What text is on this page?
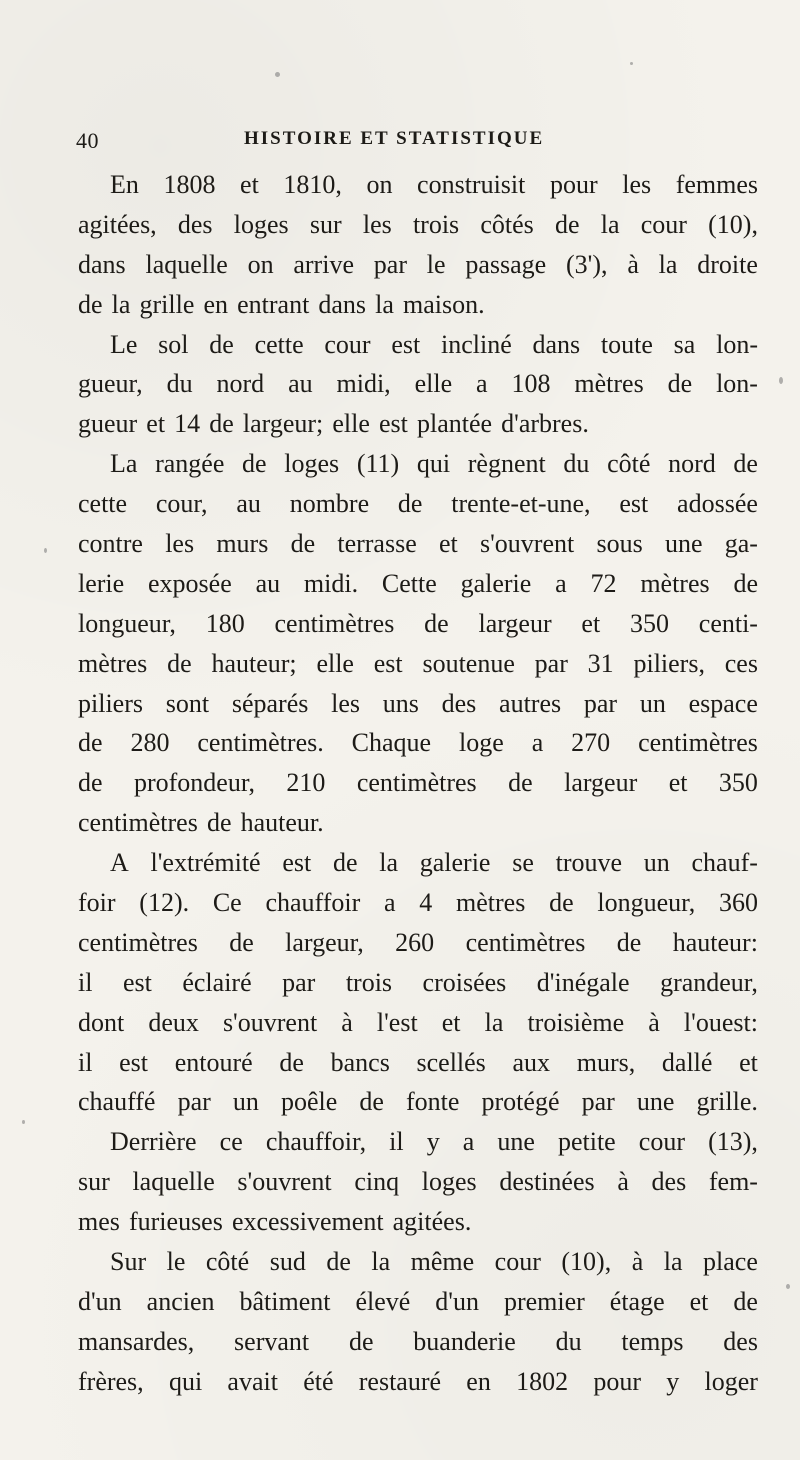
40	HISTOIRE ET STATISTIQUE
En 1808 et 1810, on construisit pour les femmes
agitées, des loges sur les trois côtés de la cour (10),
dans laquelle on arrive par le passage (3'), à la droite
de la grille en entrant dans la maison.
Le sol de cette cour est incliné dans toute sa lon-
gueur, du nord au midi, elle a 108 mètres de lon-
gueur et 14 de largeur; elle est plantée d'arbres.
La rangée de loges (11) qui règnent du côté nord de
cette cour, au nombre de trente-et-une, est adossée
contre les murs de terrasse et s'ouvrent sous une ga-
lerie exposée au midi. Cette galerie a 72 mètres de
longueur, 180 centimètres de largeur et 350 centi-
mètres de hauteur; elle est soutenue par 31 piliers, ces
piliers sont séparés les uns des autres par un espace
de 280 centimètres. Chaque loge a 270 centimètres
de profondeur, 210 centimètres de largeur et 350
centimètres de hauteur.
A l'extrémité est de la galerie se trouve un chauf-
foir (12). Ce chauffoir a 4 mètres de longueur, 360
centimètres de largeur, 260 centimètres de hauteur:
il est éclairé par trois croisées d'inégale grandeur,
dont deux s'ouvrent à l'est et la troisième à l'ouest:
il est entouré de bancs scellés aux murs, dallé et
chauffé par un poêle de fonte protégé par une grille.
Derrière ce chauffoir, il y a une petite cour (13),
sur laquelle s'ouvrent cinq loges destinées à des fem-
mes furieuses excessivement agitées.
Sur le côté sud de la même cour (10), à la place
d'un ancien bâtiment élevé d'un premier étage et de
mansardes, servant de buanderie du temps des
frères, qui avait été restauré en 1802 pour y loger
